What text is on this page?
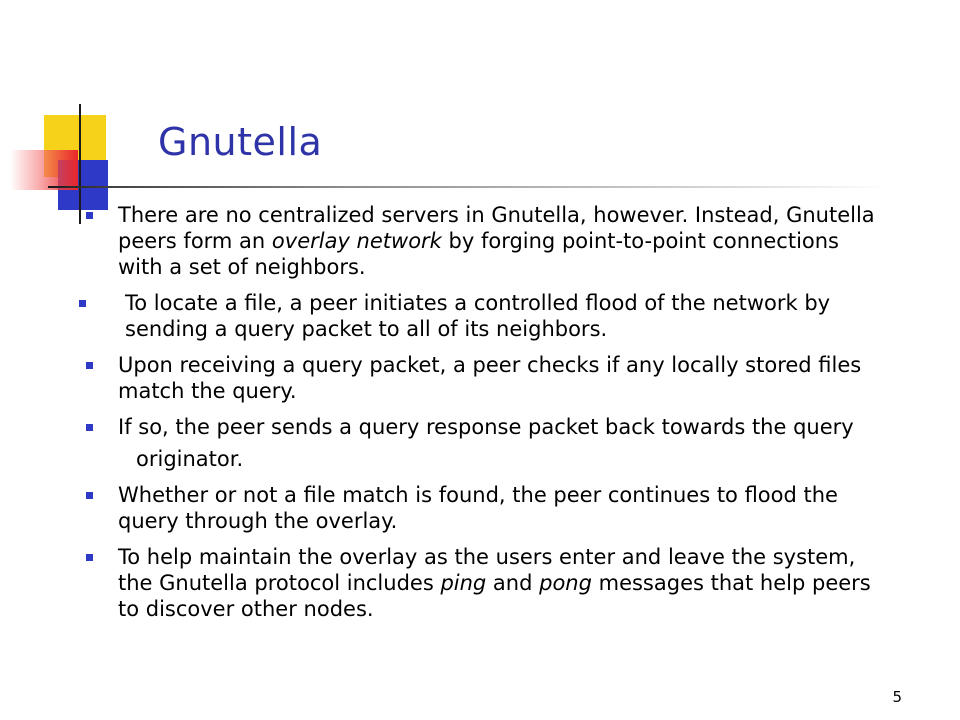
Gnutella
There are no centralized servers in Gnutella, however. Instead, Gnutella peers form an overlay network by forging point-to-point connections with a set of neighbors.
To locate a file, a peer initiates a controlled flood of the network by sending a query packet to all of its neighbors.
Upon receiving a query packet, a peer checks if any locally stored files match the query.
If so, the peer sends a query response packet back towards the query
originator.
Whether or not a file match is found, the peer continues to flood the query through the overlay.
To help maintain the overlay as the users enter and leave the system, the Gnutella protocol includes ping and pong messages that help peers to discover other nodes.
5
